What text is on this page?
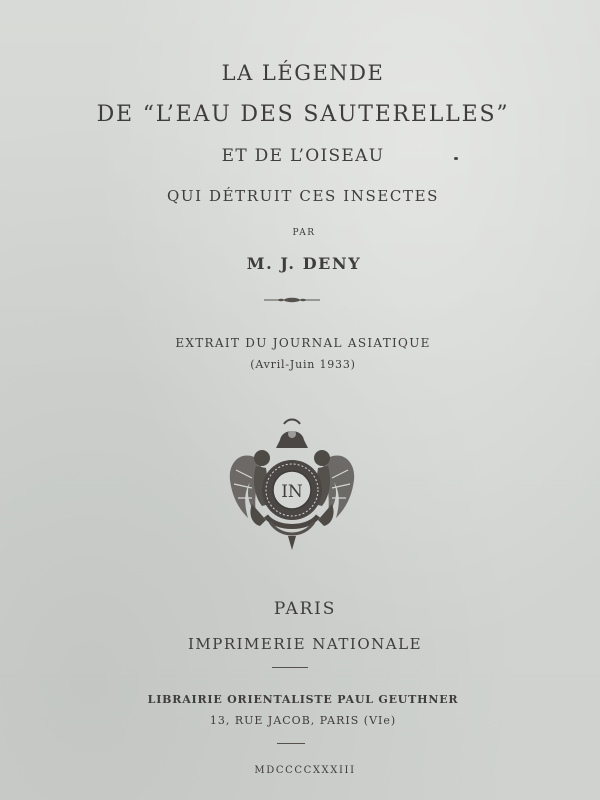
LA LÉGENDE
DE “L’EAU DES SAUTERELLES”
ET DE L’OISEAU
QUI DÉTRUIT CES INSECTES
PAR
M. J. DENY
EXTRAIT DU JOURNAL ASIATIQUE
(Avril-Juin 1933)
IN
PARIS
IMPRIMERIE NATIONALE
LIBRAIRIE ORIENTALISTE PAUL GEUTHNER
13, RUE JACOB, PARIS (VIe)
MDCCCCXXXIII
